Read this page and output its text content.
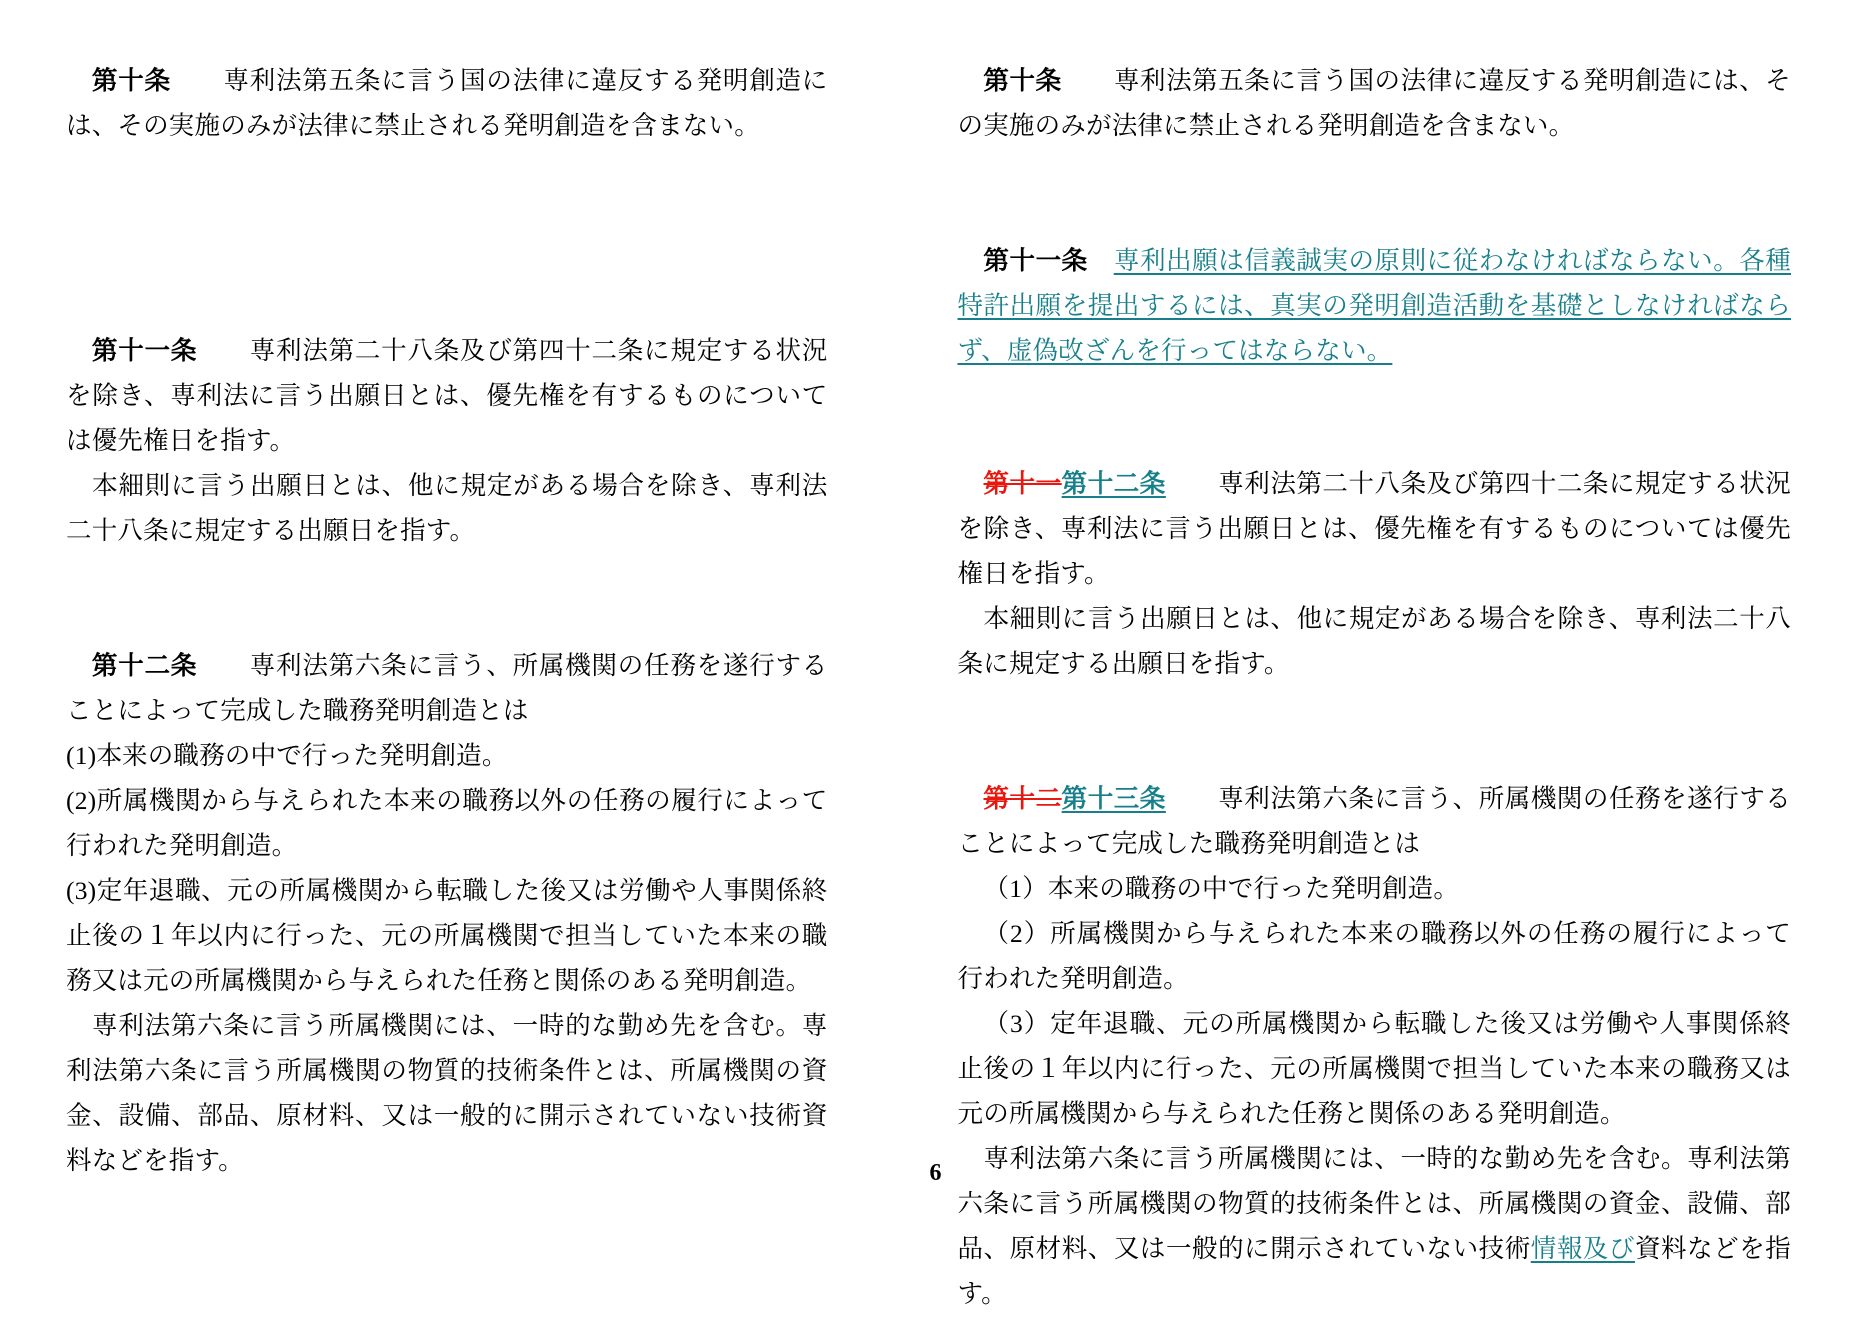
第十条 専利法第五条に言う国の法律に違反する発明創造には、その実施のみが法律に禁止される発明創造を含まない。

第十一条 専利法第二十八条及び第四十二条に規定する状況を除き、専利法に言う出願日とは、優先権を有するものについては優先権日を指す。

本細則に言う出願日とは、他に規定がある場合を除き、専利法二十八条に規定する出願日を指す。

第十二条 専利法第六条に言う、所属機関の任務を遂行することによって完成した職務発明創造とは

(1)本来の職務の中で行った発明創造。

(2)所属機関から与えられた本来の職務以外の任務の履行によって行われた発明創造。

(3)定年退職、元の所属機関から転職した後又は労働や人事関係終止後の１年以内に行った、元の所属機関で担当していた本来の職務又は元の所属機関から与えられた任務と関係のある発明創造。

専利法第六条に言う所属機関には、一時的な勤め先を含む。専利法第六条に言う所属機関の物質的技術条件とは、所属機関の資金、設備、部品、原材料、又は一般的に開示されていない技術資料などを指す。

第十条 専利法第五条に言う国の法律に違反する発明創造には、その実施のみが法律に禁止される発明創造を含まない。

第十一条 専利出願は信義誠実の原則に従わなければならない。各種特許出願を提出するには、真実の発明創造活動を基礎としなければならず、虚偽改ざんを行ってはならない。

第十一第十二条 専利法第二十八条及び第四十二条に規定する状況を除き、専利法に言う出願日とは、優先権を有するものについては優先権日を指す。

本細則に言う出願日とは、他に規定がある場合を除き、専利法二十八条に規定する出願日を指す。

第十二第十三条 専利法第六条に言う、所属機関の任務を遂行することによって完成した職務発明創造とは

（1）本来の職務の中で行った発明創造。

（2）所属機関から与えられた本来の職務以外の任務の履行によって行われた発明創造。

（3）定年退職、元の所属機関から転職した後又は労働や人事関係終止後の１年以内に行った、元の所属機関で担当していた本来の職務又は元の所属機関から与えられた任務と関係のある発明創造。

専利法第六条に言う所属機関には、一時的な勤め先を含む。専利法第六条に言う所属機関の物質的技術条件とは、所属機関の資金、設備、部品、原材料、又は一般的に開示されていない技術情報及び資料などを指す。

6
